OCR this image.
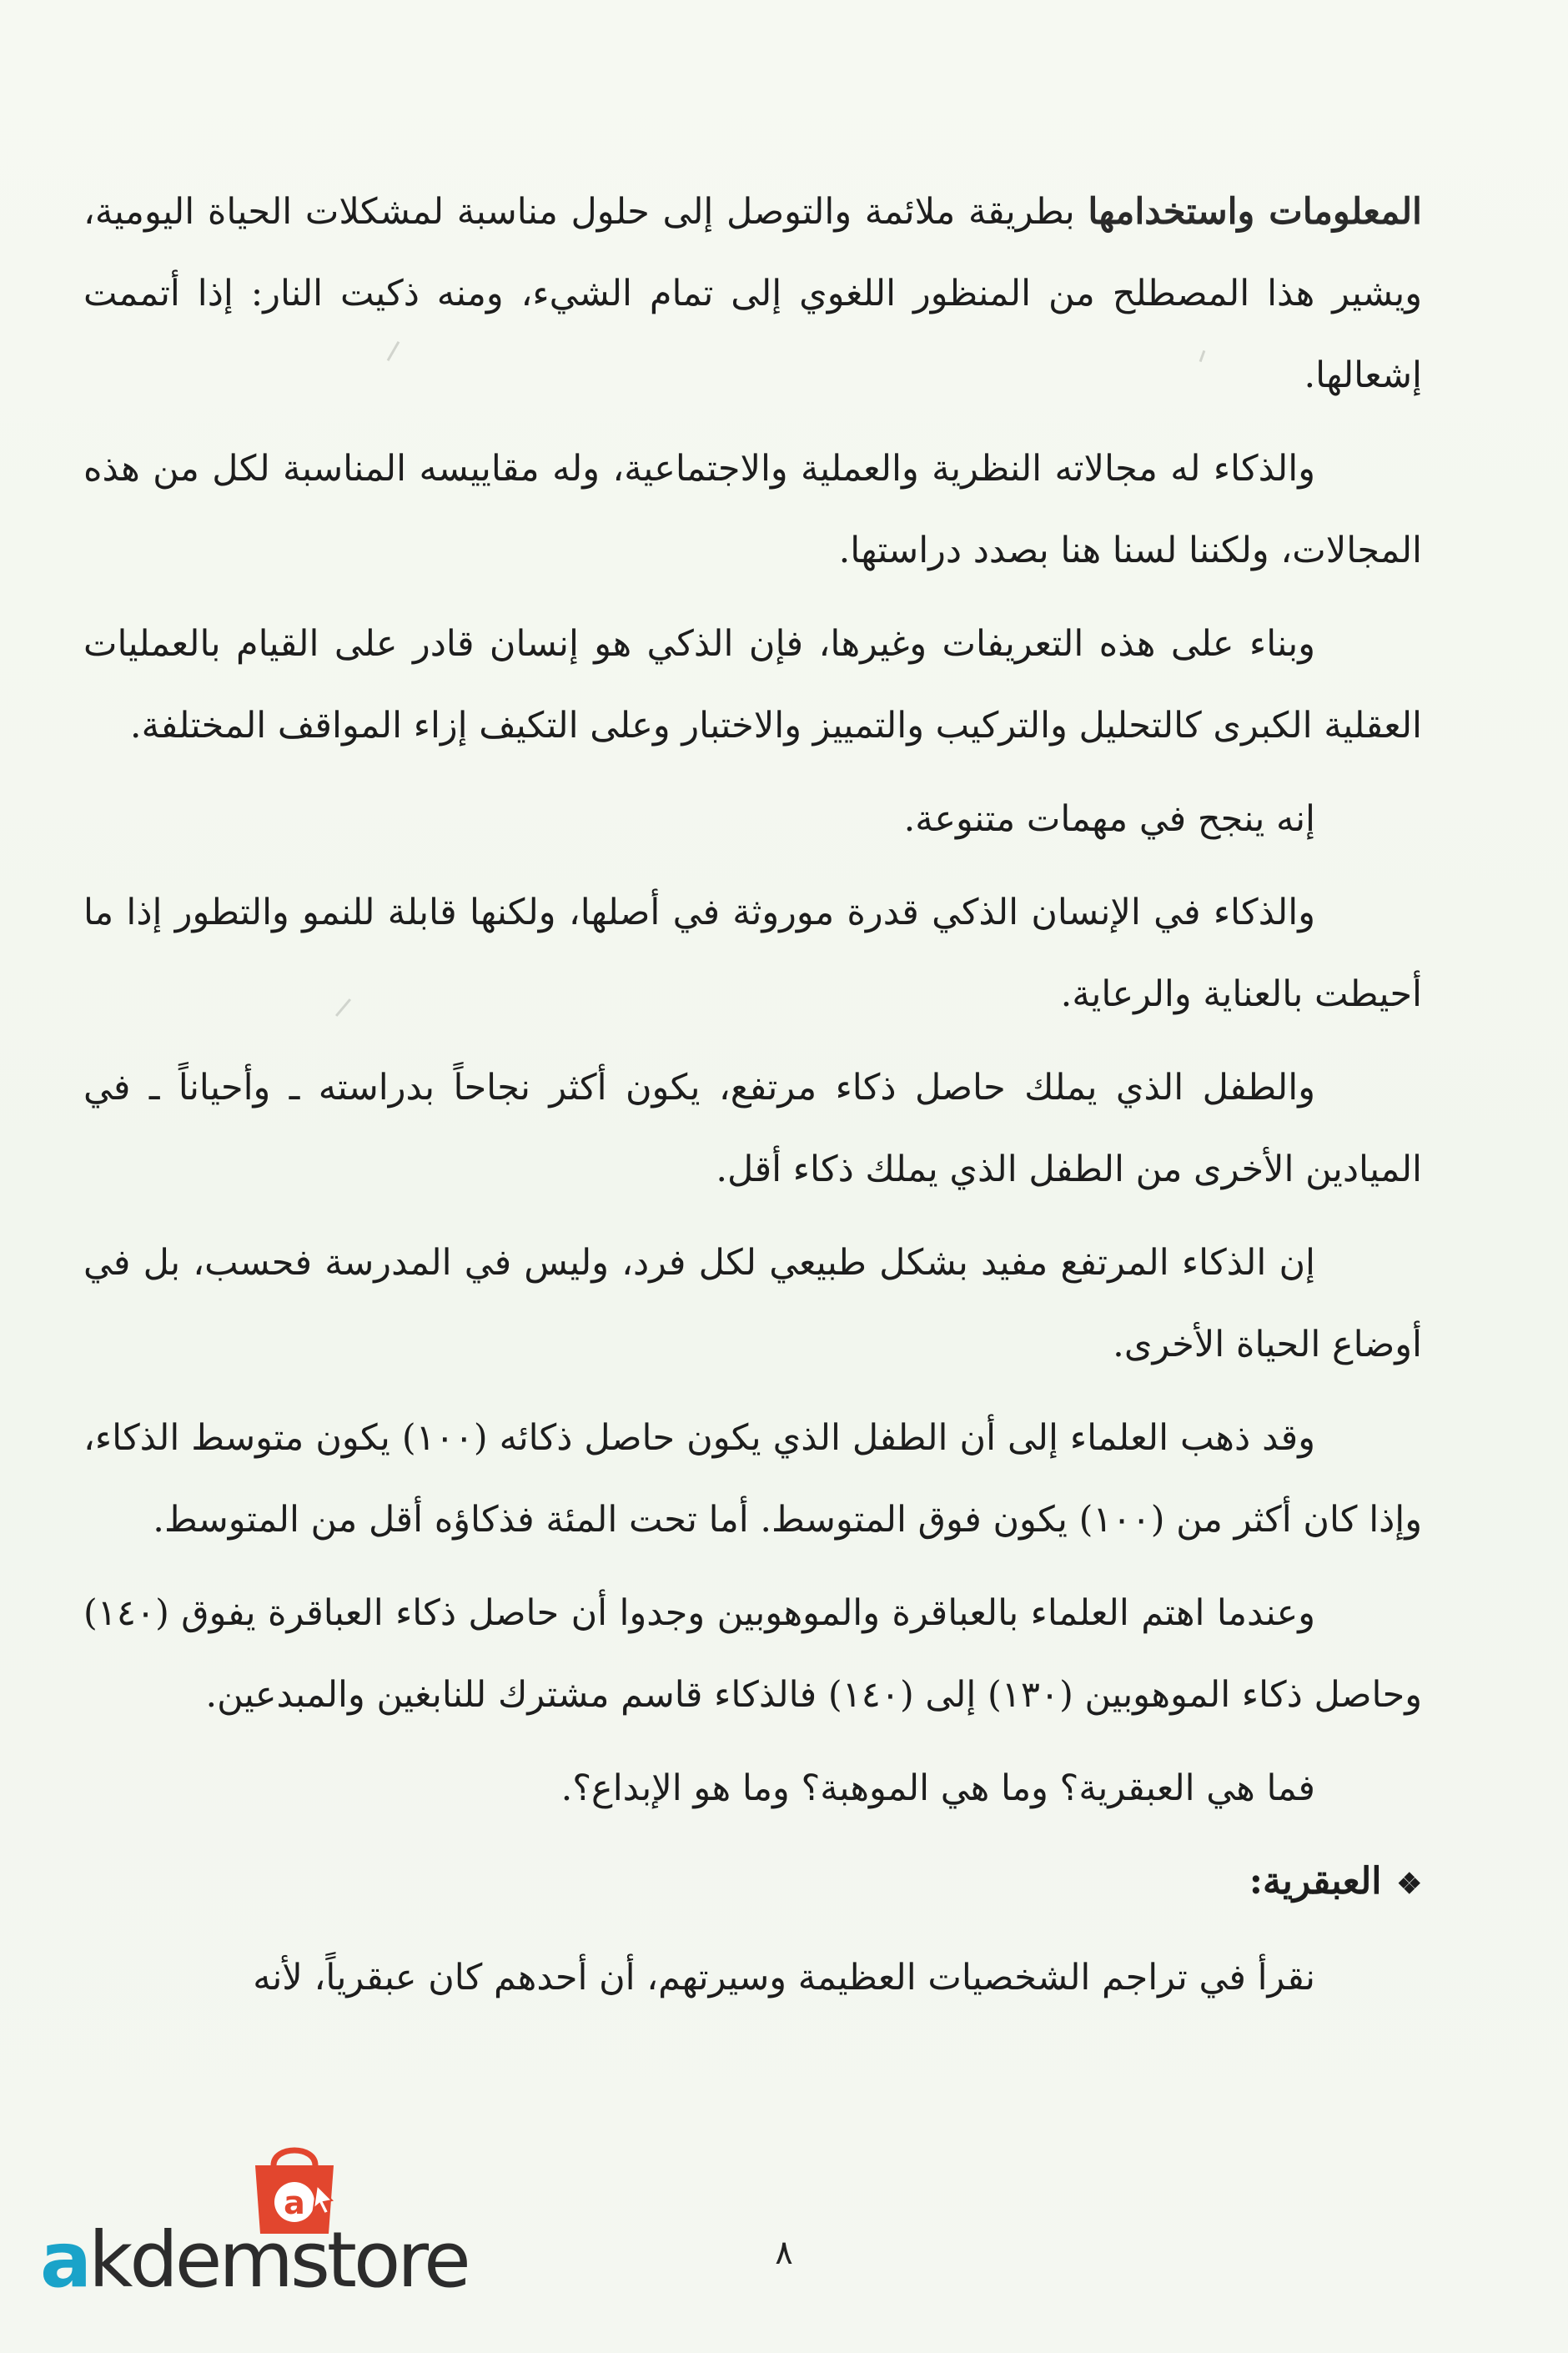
المعلومات واستخدامها بطريقة ملائمة والتوصل إلى حلول مناسبة لمشكلات الحياة اليومية، ويشير هذا المصطلح من المنظور اللغوي إلى تمام الشيء، ومنه ذكيت النار: إذا أتممت إشعالها.

والذكاء له مجالاته النظرية والعملية والاجتماعية، وله مقاييسه المناسبة لكل من هذه المجالات، ولكننا لسنا هنا بصدد دراستها.

وبناء على هذه التعريفات وغيرها، فإن الذكي هو إنسان قادر على القيام بالعمليات العقلية الكبرى كالتحليل والتركيب والتمييز والاختبار وعلى التكيف إزاء المواقف المختلفة.

إنه ينجح في مهمات متنوعة.

والذكاء في الإنسان الذكي قدرة موروثة في أصلها، ولكنها قابلة للنمو والتطور إذا ما أحيطت بالعناية والرعاية.

والطفل الذي يملك حاصل ذكاء مرتفع، يكون أكثر نجاحاً بدراسته ـ وأحياناً ـ في الميادين الأخرى من الطفل الذي يملك ذكاء أقل.

إن الذكاء المرتفع مفيد بشكل طبيعي لكل فرد، وليس في المدرسة فحسب، بل في أوضاع الحياة الأخرى.

وقد ذهب العلماء إلى أن الطفل الذي يكون حاصل ذكائه (١٠٠) يكون متوسط الذكاء، وإذا كان أكثر من (١٠٠) يكون فوق المتوسط. أما تحت المئة فذكاؤه أقل من المتوسط.

وعندما اهتم العلماء بالعباقرة والموهوبين وجدوا أن حاصل ذكاء العباقرة يفوق (١٤٠) وحاصل ذكاء الموهوبين (١٣٠) إلى (١٤٠) فالذكاء قاسم مشترك للنابغين والمبدعين.

فما هي العبقرية؟ وما هي الموهبة؟ وما هو الإبداع؟.

❖العبقرية:

نقرأ في تراجم الشخصيات العظيمة وسيرتهم، أن أحدهم كان عبقرياً، لأنه

٨
a
akdemstore
